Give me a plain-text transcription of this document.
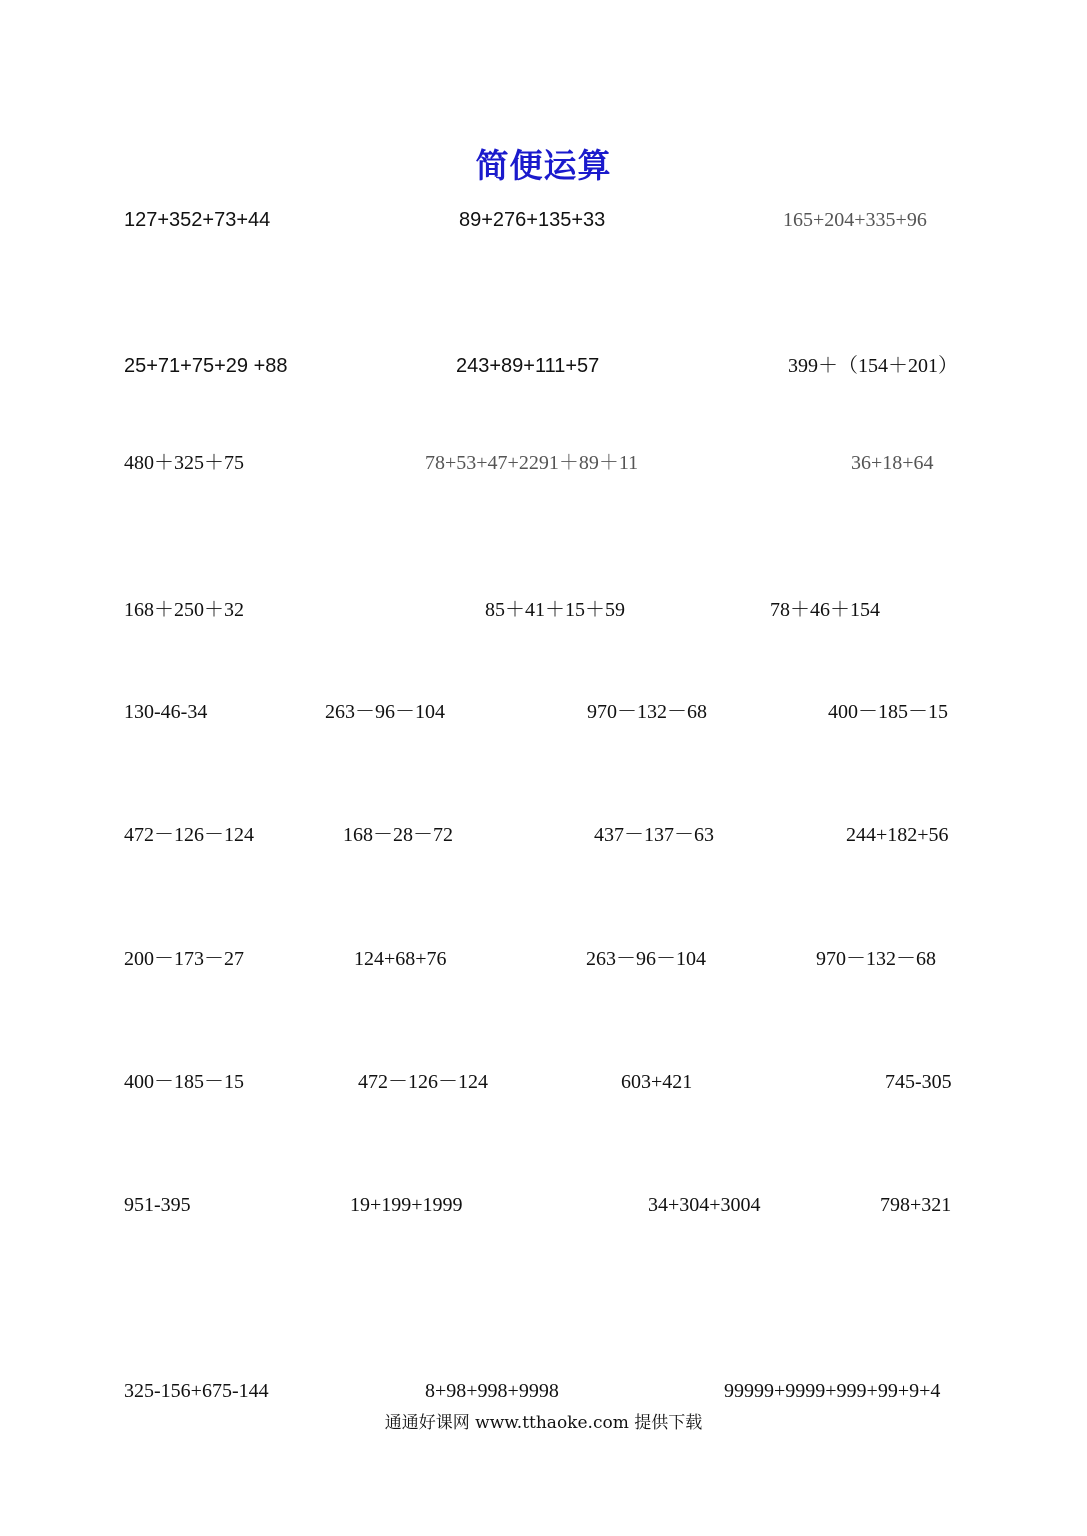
简便运算
127+352+73+44	89+276+135+33	165+204+335+96
25+71+75+29 +88	243+89+111+57	399＋（154＋201）
480＋325＋75	78+53+47+2291＋89＋11	36+18+64
168＋250＋32	85＋41＋15＋59	78＋46＋154
130-46-34	263－96－104	970－132－68	400－185－15
472－126－124	168－28－72	437－137－63	244+182+56
200－173－27	124+68+76	263－96－104	970－132－68
400－185－15	472－126－124	603+421	745-305
951-395	19+199+1999	34+304+3004	798+321
325-156+675-144	8+98+998+9998	99999+9999+999+99+9+4
通通好课网 www.tthaoke.com 提供下载
